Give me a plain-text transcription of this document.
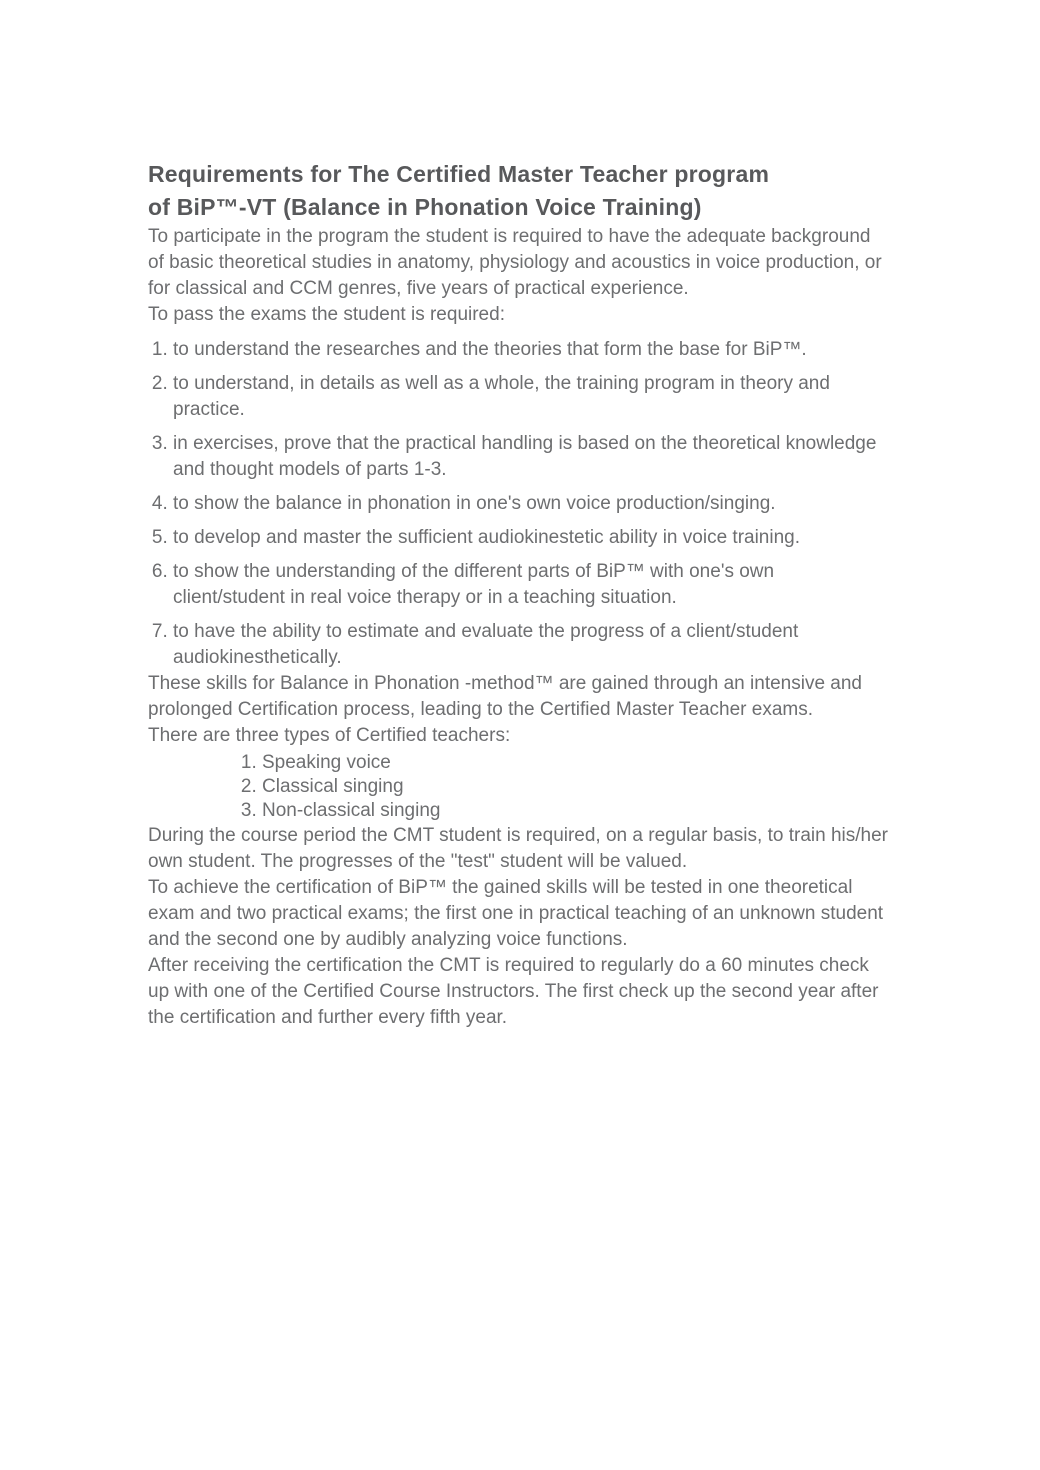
Requirements for The Certified Master Teacher program
of BiP™-VT (Balance in Phonation Voice Training)

To participate in the program the student is required to have the adequate background of basic theoretical studies in anatomy, physiology and acoustics in voice production, or for classical and CCM genres, five years of practical experience.

To pass the exams the student is required:

1. to understand the researches and the theories that form the base for BiP™.
2. to understand, in details as well as a whole, the training program in theory and practice.
3. in exercises, prove that the practical handling is based on the theoretical knowledge and thought models of parts 1-3.
4. to show the balance in phonation in one's own voice production/singing.
5. to develop and master the sufficient audiokinestetic ability in voice training.
6. to show the understanding of the different parts of BiP™ with one's own client/student in real voice therapy or in a teaching situation.
7. to have the ability to estimate and evaluate the progress of a client/student audiokinesthetically.

These skills for Balance in Phonation -method™ are gained through an intensive and prolonged Certification process, leading to the Certified Master Teacher exams.

There are three types of Certified teachers:

1. Speaking voice
2. Classical singing
3. Non-classical singing

During the course period the CMT student is required, on a regular basis, to train his/her own student. The progresses of the "test" student will be valued.

To achieve the certification of BiP™ the gained skills will be tested in one theoretical exam and two practical exams; the first one in practical teaching of an unknown student and the second one by audibly analyzing voice functions.

After receiving the certification the CMT is required to regularly do a 60 minutes check up with one of the Certified Course Instructors. The first check up the second year after the certification and further every fifth year.
